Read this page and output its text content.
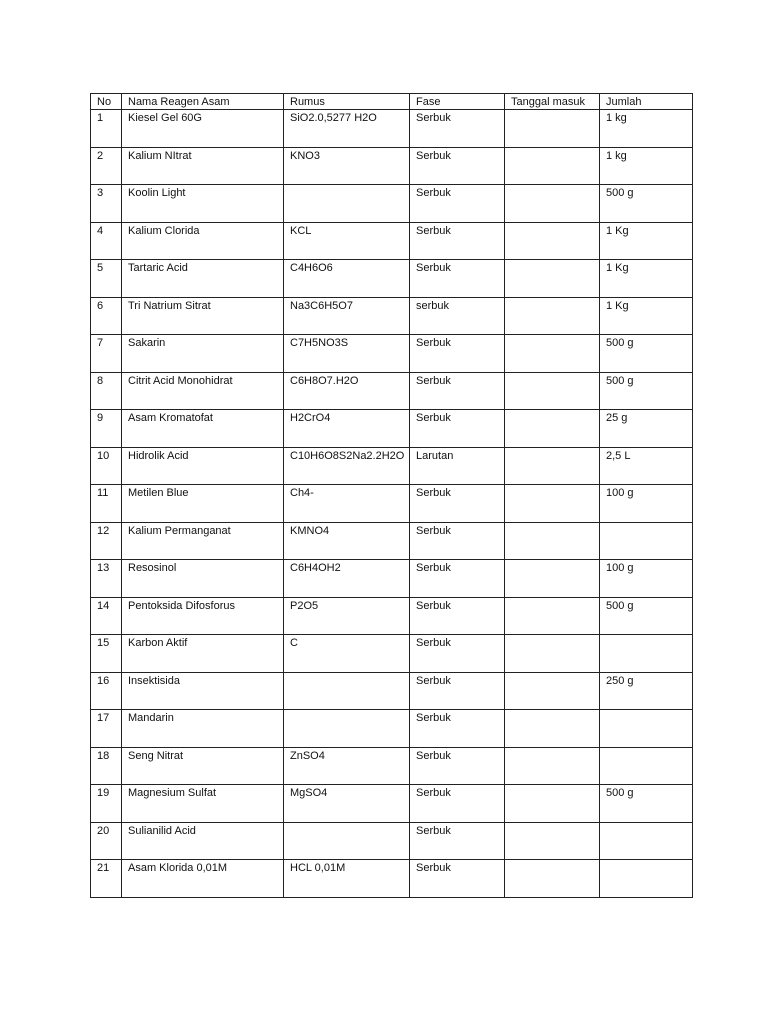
No	Nama Reagen Asam	Rumus	Fase	Tanggal masuk	Jumlah

1	Kiesel Gel 60G	SiO2.0,5277 H2O	Serbuk		1 kg

2	Kalium NItrat	KNO3	Serbuk		1 kg

3	Koolin Light		Serbuk		500 g

4	Kalium Clorida	KCL	Serbuk		1 Kg

5	Tartaric Acid	C4H6O6	Serbuk		1 Kg

6	Tri Natrium Sitrat	Na3C6H5O7	serbuk		1 Kg

7	Sakarin	C7H5NO3S	Serbuk		500 g

8	Citrit Acid Monohidrat	C6H8O7.H2O	Serbuk		500 g

9	Asam Kromatofat	H2CrO4	Serbuk		25 g

10	Hidrolik Acid	C10H6O8S2Na2.2H2O	Larutan		2,5 L

11	Metilen Blue	Ch4-	Serbuk		100 g

12	Kalium Permanganat	KMNO4	Serbuk		

13	Resosinol	C6H4OH2	Serbuk		100 g

14	Pentoksida Difosforus	P2O5	Serbuk		500 g

15	Karbon Aktif	C	Serbuk		

16	Insektisida		Serbuk		250 g

17	Mandarin		Serbuk		

18	Seng Nitrat	ZnSO4	Serbuk		

19	Magnesium Sulfat	MgSO4	Serbuk		500 g

20	Sulianilid Acid		Serbuk		

21	Asam Klorida 0,01M	HCL 0,01M	Serbuk		
